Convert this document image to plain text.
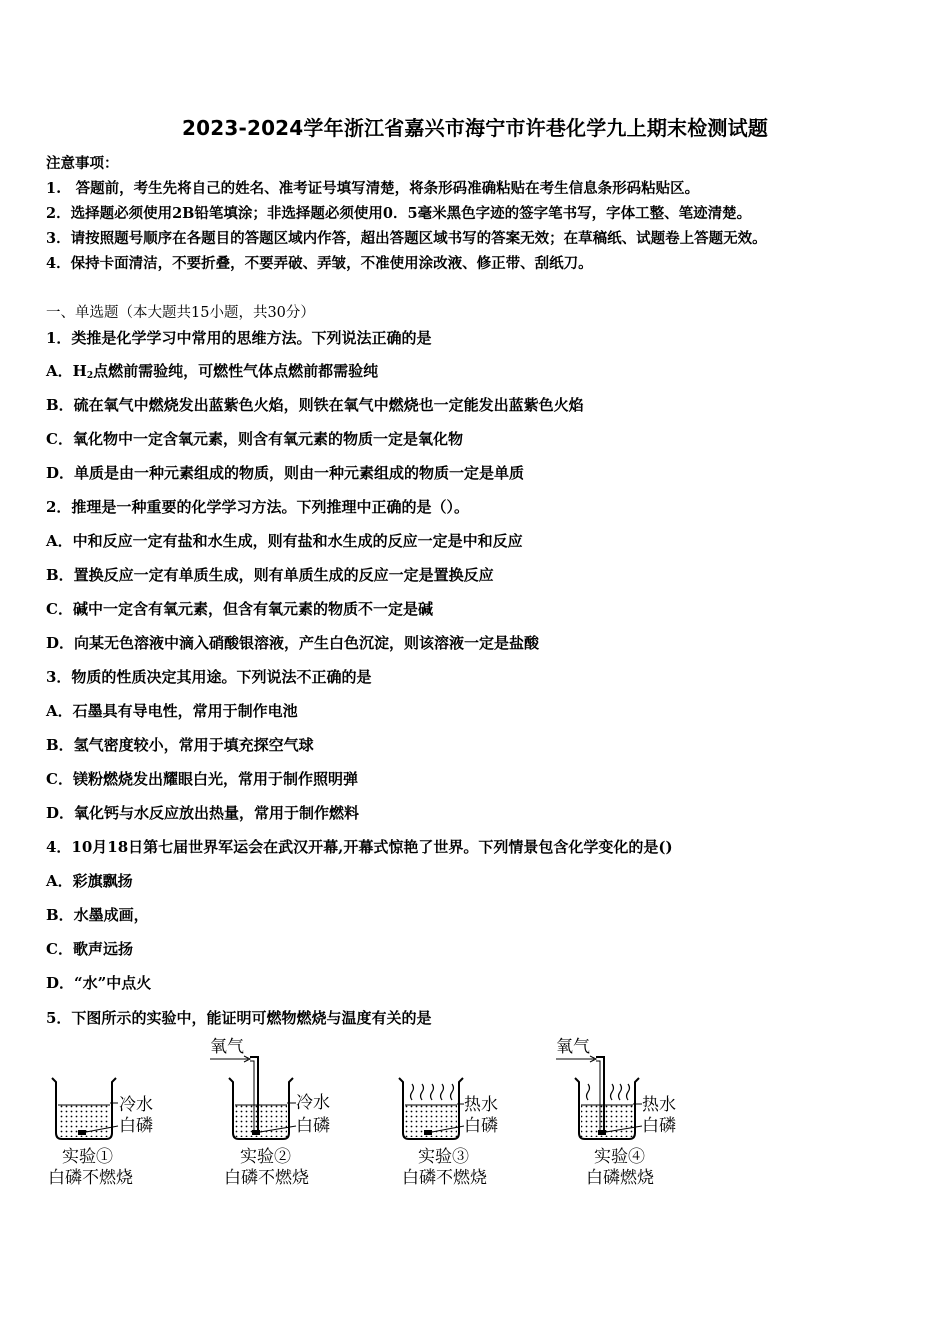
2023-2024学年浙江省嘉兴市海宁市许巷化学九上期末检测试题
注意事项：
1.　答题前，考生先将自己的姓名、准考证号填写清楚，将条形码准确粘贴在考生信息条形码粘贴区。
2．选择题必须使用2B铅笔填涂；非选择题必须使用0．5毫米黑色字迹的签字笔书写，字体工整、笔迹清楚。
3．请按照题号顺序在各题目的答题区域内作答，超出答题区域书写的答案无效；在草稿纸、试题卷上答题无效。
4．保持卡面清洁，不要折叠，不要弄破、弄皱，不准使用涂改液、修正带、刮纸刀。
一、单选题（本大题共15小题，共30分）
1．类推是化学学习中常用的思维方法。下列说法正确的是
A．$H_2$点燃前需验纯，可燃性气体点燃前都需验纯
B．硫在氧气中燃烧发出蓝紫色火焰，则铁在氧气中燃烧也一定能发出蓝紫色火焰
C．氧化物中一定含氧元素，则含有氧元素的物质一定是氧化物
D．单质是由一种元素组成的物质，则由一种元素组成的物质一定是单质
2．推理是一种重要的化学学习方法。下列推理中正确的是（）。
A．中和反应一定有盐和水生成，则有盐和水生成的反应一定是中和反应
B．置换反应一定有单质生成，则有单质生成的反应一定是置换反应
C．碱中一定含有氧元素，但含有氧元素的物质不一定是碱
D．向某无色溶液中滴入硝酸银溶液，产生白色沉淀，则该溶液一定是盐酸
3．物质的性质决定其用途。下列说法不正确的是
A．石墨具有导电性，常用于制作电池
B．氢气密度较小，常用于填充探空气球
C．镁粉燃烧发出耀眼白光，常用于制作照明弹
D．氧化钙与水反应放出热量，常用于制作燃料
4．10月18日第七届世界军运会在武汉开幕,开幕式惊艳了世界。下列情景包含化学变化的是()
A．彩旗飘扬
B．水墨成画，
C．歌声远扬
D．“水”中点火
5．下图所示的实验中，能证明可燃物燃烧与温度有关的是
冷水
白磷
实验①
白磷不燃烧
氧气
冷水
白磷
实验②
白磷不燃烧
热水
白磷
实验③
白磷不燃烧
氧气
热水
白磷
实验④
白磷燃烧
